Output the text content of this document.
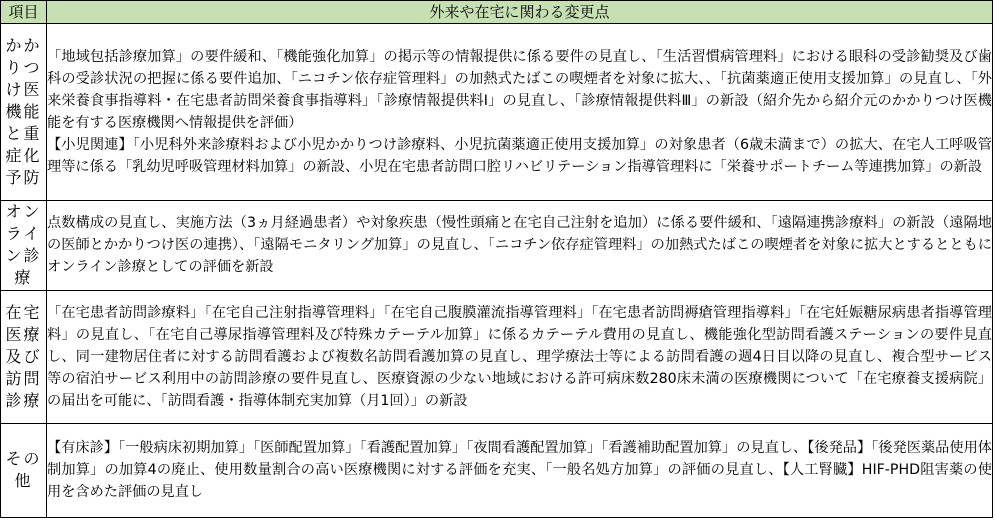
項目	外来や在宅に関わる変更点
かかりつけ医機能と重症化予防	「地域包括診療加算」の要件緩和、「機能強化加算」の掲示等の情報提供に係る要件の見直し、「生活習慣病管理料」における眼科の受診勧奨及び歯科の受診状況の把握に係る要件追加、「ニコチン依存症管理料」の加熱式たばこの喫煙者を対象に拡大、、「抗菌薬適正使用支援加算」の見直し、「外来栄養食事指導料・在宅患者訪問栄養食事指導料」「診療情報提供料Ⅰ」の見直し、「診療情報提供料Ⅲ」の新設（紹介先から紹介元のかかりつけ医機能を有する医療機関へ情報提供を評価）
【小児関連】「小児科外来診療料および小児かかりつけ診療料、小児抗菌薬適正使用支援加算」の対象患者（6歳未満まで）の拡大、在宅人工呼吸管理等に係る「乳幼児呼吸管理材料加算」の新設、小児在宅患者訪問口腔リハビリテーション指導管理料に「栄養サポートチーム等連携加算」の新設
オンライン診療	点数構成の見直し、実施方法（3ヵ月経過患者）や対象疾患（慢性頭痛と在宅自己注射を追加）に係る要件緩和、「遠隔連携診療料」の新設（遠隔地の医師とかかりつけ医の連携）、「遠隔モニタリング加算」の見直し、「ニコチン依存症管理料」の加熱式たばこの喫煙者を対象に拡大とするとともにオンライン診療としての評価を新設
在宅医療及び訪問診療	「在宅患者訪問診療料」「在宅自己注射指導管理料」「在宅自己腹膜灌流指導管理料」「在宅患者訪問褥瘡管理指導料」「在宅妊娠糖尿病患者指導管理料」の見直し、「在宅自己導尿指導管理料及び特殊カテーテル加算」に係るカテーテル費用の見直し、機能強化型訪問看護ステーションの要件見直し、同一建物居住者に対する訪問看護および複数名訪問看護加算の見直し、理学療法士等による訪問看護の週4日目以降の見直し、複合型サービス等の宿泊サービス利用中の訪問診療の要件見直し、医療資源の少ない地域における許可病床数280床未満の医療機関について「在宅療養支援病院」の届出を可能に、「訪問看護・指導体制充実加算（月1回）」の新設
その他	【有床診】「一般病床初期加算」「医師配置加算」「看護配置加算」「夜間看護配置加算」「看護補助配置加算」の見直し、【後発品】「後発医薬品使用体制加算」の加算4の廃止、使用数量割合の高い医療機関に対する評価を充実、「一般名処方加算」の評価の見直し、【人工腎臓】HIF-PHD阻害薬の使用を含めた評価の見直し
